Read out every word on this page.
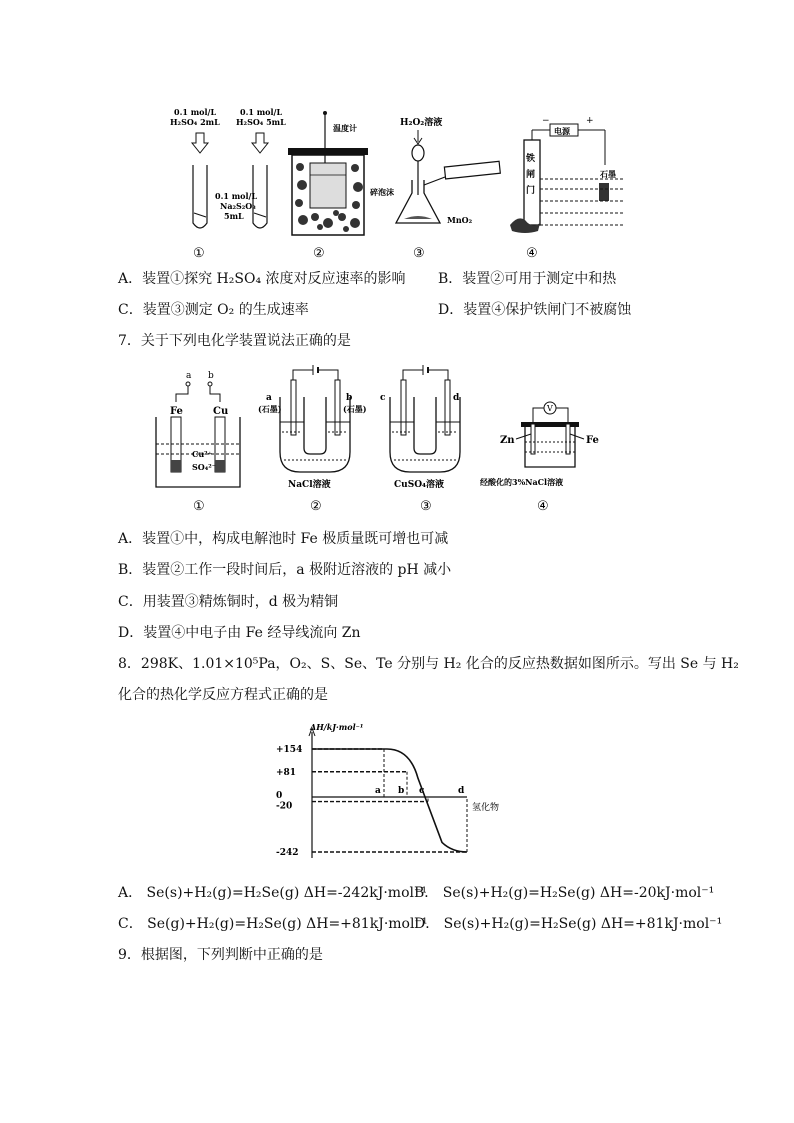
0.1 mol/L
H₂SO₄ 2mL
0.1 mol/L
H₂SO₄ 5mL
0.1 mol/L
Na₂S₂O₃
5mL
①
温度计
碎泡沫
②
H₂O₂溶液
MnO₂
③
电源
−	+
铁
闸
门
石墨
④
A．装置①探究 H₂SO₄ 浓度对反应速率的影响 B．装置②可用于测定中和热
C．装置③测定 O₂ 的生成速率	D．装置④保护铁闸门不被腐蚀
7．关于下列电化学装置说法正确的是
a b
Fe	Cu
Cu²⁺
SO₄²⁻
①
a
(石墨)
b
(石墨)
NaCl溶液
②
c	d
CuSO₄溶液
③
V
Zn	Fe
经酸化的3%NaCl溶液
④
A．装置①中，构成电解池时 Fe 极质量既可增也可减
B．装置②工作一段时间后，a 极附近溶液的 pH 减小
C．用装置③精炼铜时，d 极为精铜
D．装置④中电子由 Fe 经导线流向 Zn
8．298K、1.01×10⁵Pa，O₂、S、Se、Te 分别与 H₂ 化合的反应热数据如图所示。写出 Se 与 H₂
化合的热化学反应方程式正确的是
ΔH/kJ·mol⁻¹
氢化物
+154
+81
0
-20
-242
a b c	d
A． Se(s)+H₂(g)=H₂Se(g) ΔH=-242kJ·mol⁻¹
B． Se(s)+H₂(g)=H₂Se(g) ΔH=-20kJ·mol⁻¹
C． Se(g)+H₂(g)=H₂Se(g) ΔH=+81kJ·mol⁻¹
D． Se(s)+H₂(g)=H₂Se(g) ΔH=+81kJ·mol⁻¹
9．根据图，下列判断中正确的是
